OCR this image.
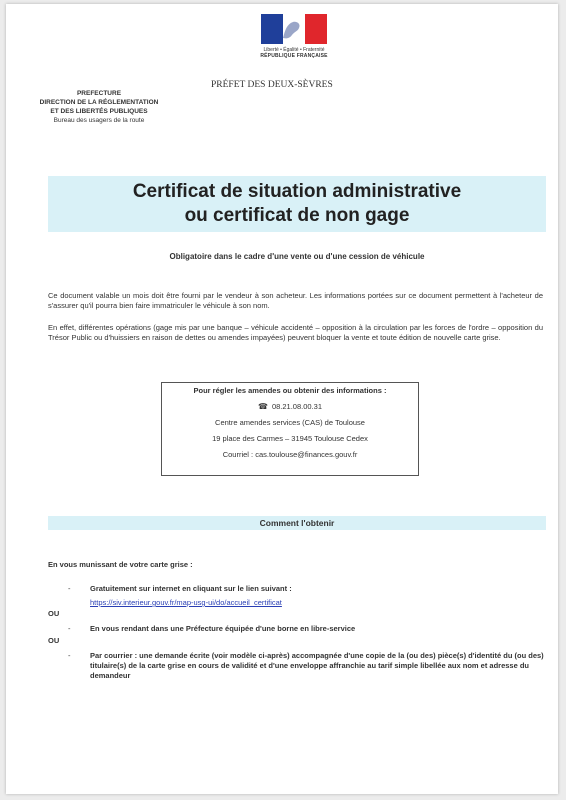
Liberté • Égalité • Fraternité
RÉPUBLIQUE FRANÇAISE
PRÉFET DES DEUX-SÈVRES
PREFECTURE
DIRECTION DE LA RÉGLEMENTATION
ET DES LIBERTÉS PUBLIQUES
Bureau des usagers de la route
Certificat de situation administrative
ou certificat de non gage
Obligatoire dans le cadre d'une vente ou d'une cession de véhicule
Ce document valable un mois doit être fourni par le vendeur à son acheteur. Les informations portées sur ce document permettent à l'acheteur de s'assurer qu'il pourra bien faire immatriculer le véhicule à son nom.
En effet, différentes opérations (gage mis par une banque – véhicule accidenté – opposition à la circulation par les forces de l'ordre – opposition du Trésor Public ou d'huissiers en raison de dettes ou amendes impayées) peuvent bloquer la vente et toute édition de nouvelle carte grise.
Pour régler les amendes ou obtenir des informations :
☎ 08.21.08.00.31
Centre amendes services (CAS) de Toulouse
19 place des Carmes – 31945 Toulouse Cedex
Courriel : cas.toulouse@finances.gouv.fr
Comment l'obtenir
En vous munissant de votre carte grise :
-	Gratuitement sur internet en cliquant sur le lien suivant :
https://siv.interieur.gouv.fr/map-usg-ui/do/accueil_certificat
OU
-	En vous rendant dans une Préfecture équipée d'une borne en libre-service
OU
-	Par courrier : une demande écrite (voir modèle ci-après) accompagnée d'une copie de la (ou des) pièce(s) d'identité du (ou des) titulaire(s) de la carte grise en cours de validité et d'une enveloppe affranchie au tarif simple libellée aux nom et adresse du demandeur
